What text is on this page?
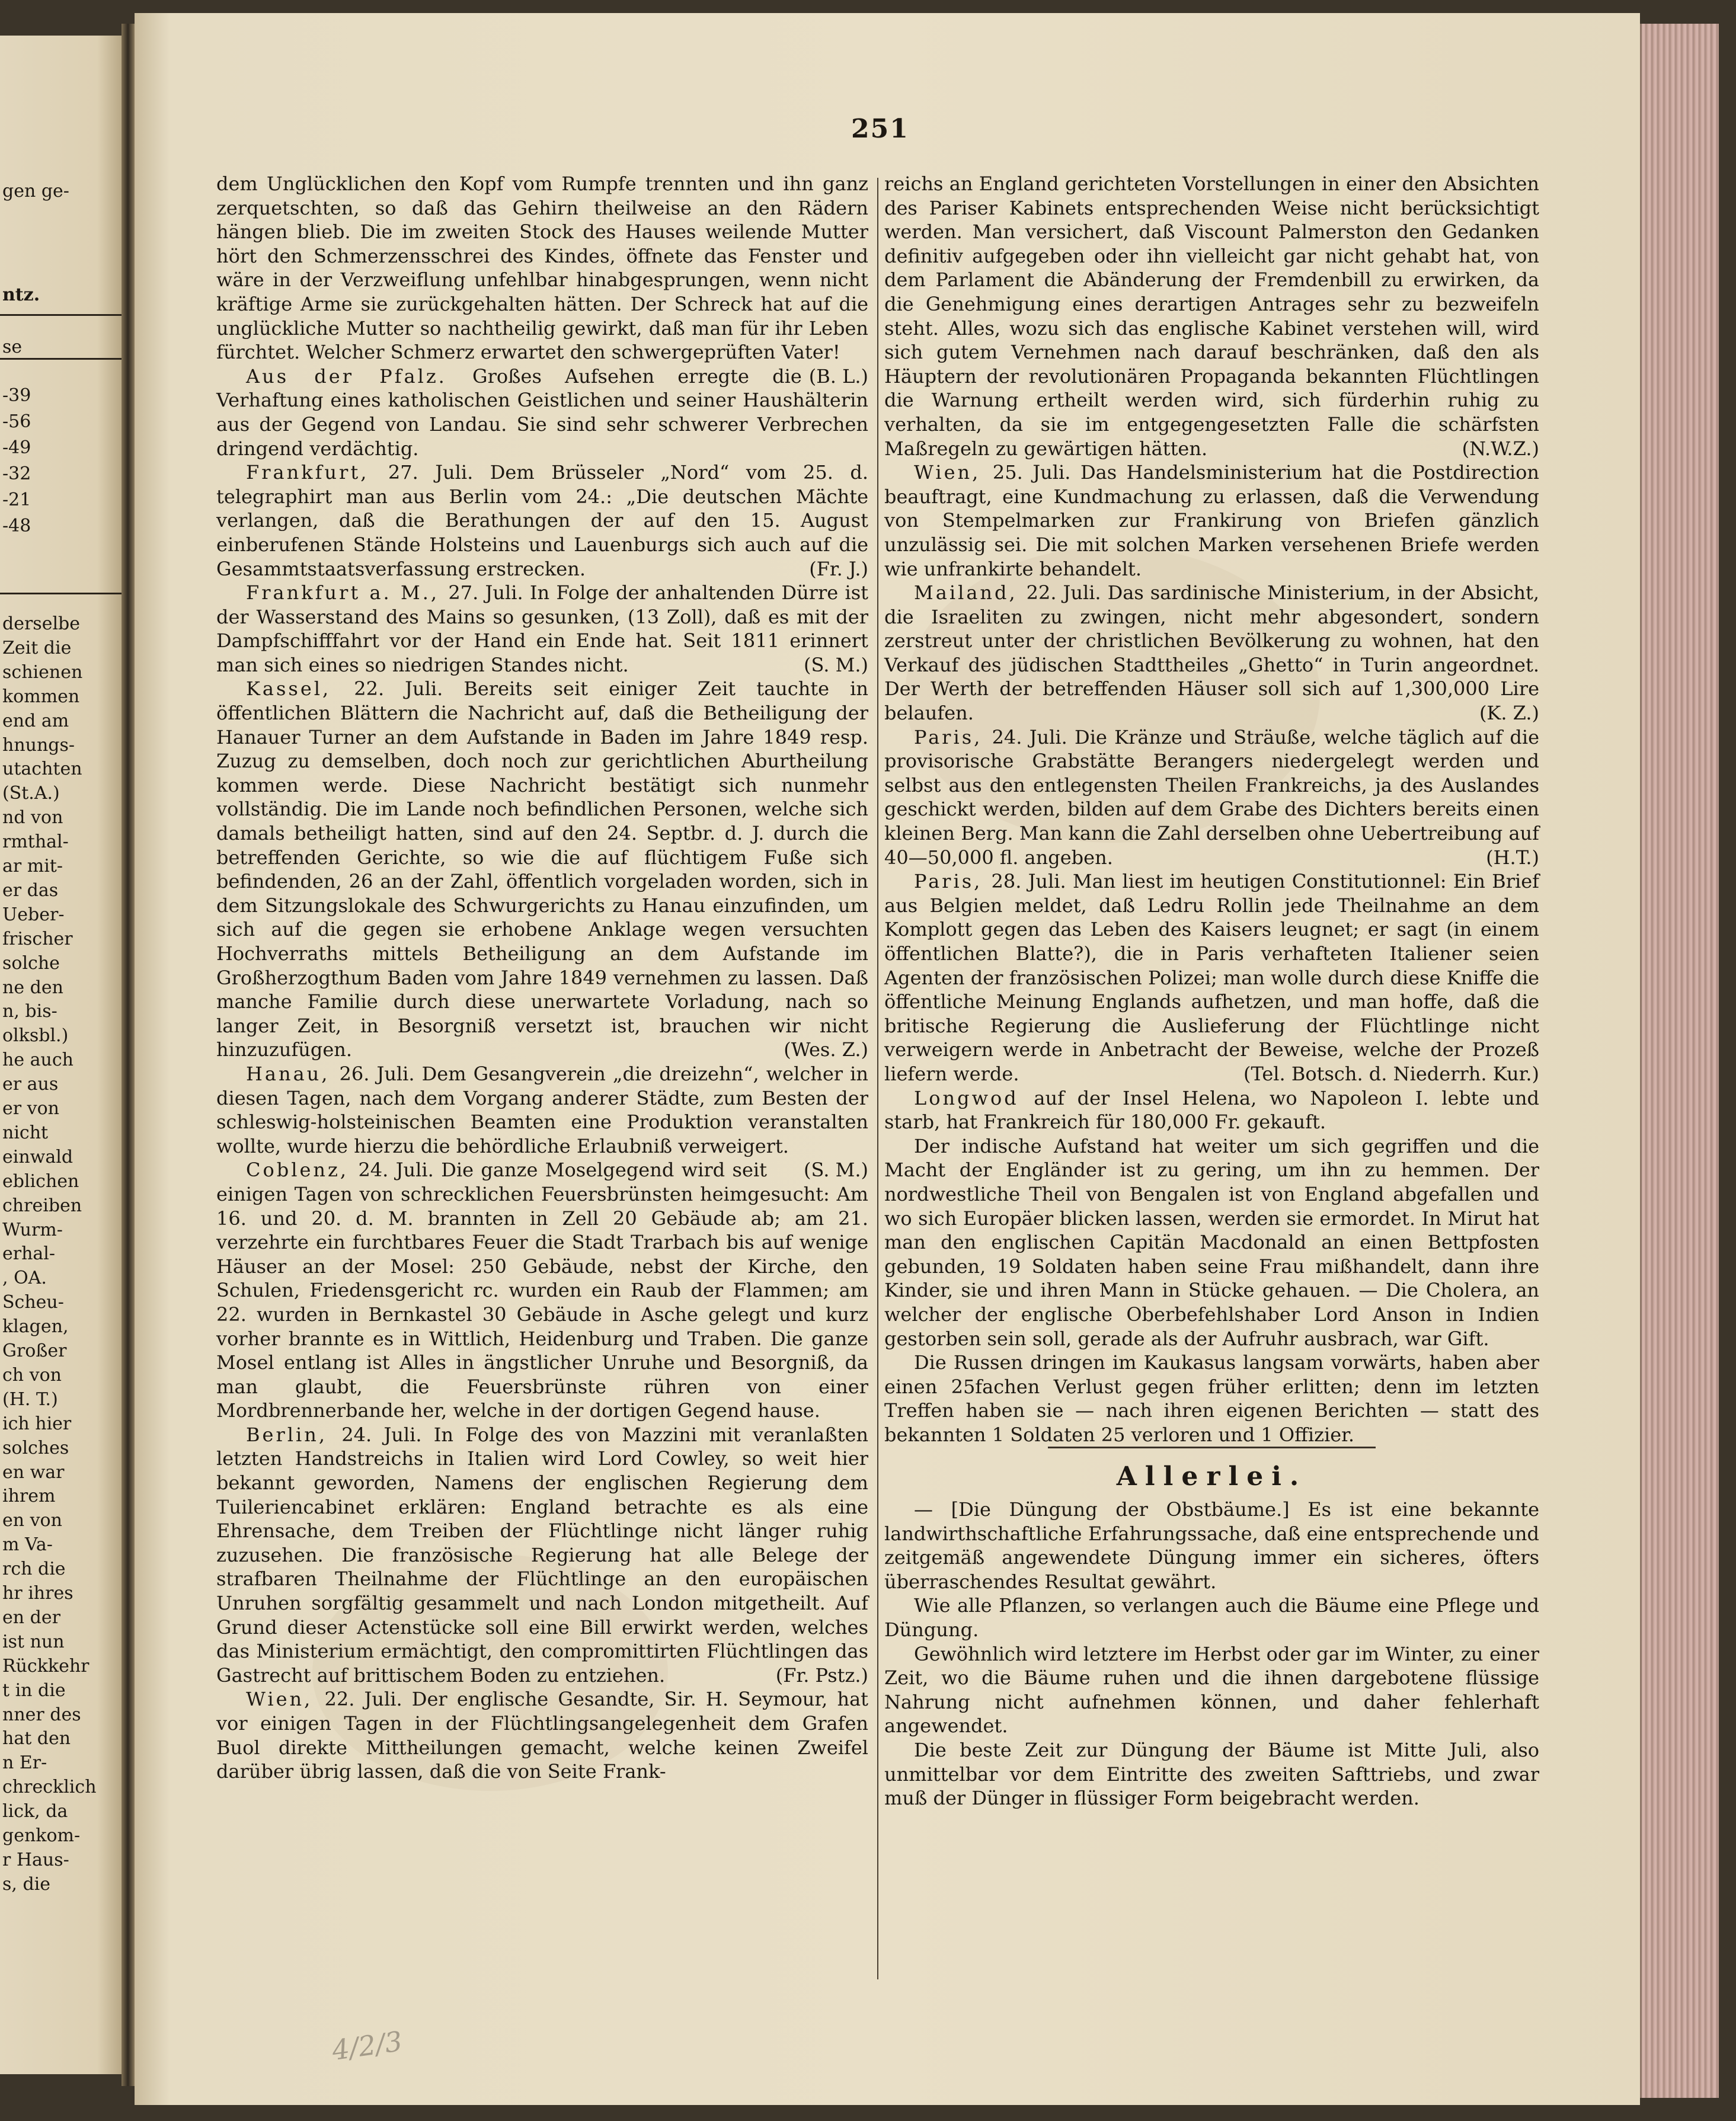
gen ge-
ntz.
se
-39
-56
-49
-32
-21
-48
derselbe
Zeit die
schienen
kommen
end am
hnungs-
utachten
(St.A.)
nd von
rmthal-
ar mit-
er das
Ueber-
frischer
solche
ne den
n, bis-
olksbl.)
he auch
er aus
er von
nicht
einwald
eblichen
chreiben
Wurm-
erhal-
, OA.
Scheu-
klagen,
Großer
ch von
(H. T.)
ich hier
solches
en war
ihrem
en von
m Va-
rch die
hr ihres
en der
ist nun
Rückkehr
t in die
nner des
hat den
n Er-
chrecklich
lick, da
genkom-
r Haus-
s, die
251

dem Unglücklichen den Kopf vom Rumpfe trennten und ihn ganz zerquetschten, so daß das Gehirn theilweise an den Rädern hängen blieb. Die im zweiten Stock des Hauses weilende Mutter hört den Schmerzensschrei des Kindes, öffnete das Fenster und wäre in der Verzweiflung unfehlbar hinabgesprungen, wenn nicht kräftige Arme sie zurückgehalten hätten. Der Schreck hat auf die unglückliche Mutter so nachtheilig gewirkt, daß man für ihr Leben fürchtet. Welcher Schmerz erwartet den schwergeprüften Vater!
(B. L.)

Aus der Pfalz. Großes Aufsehen erregte die Verhaftung eines katholischen Geistlichen und seiner Haushälterin aus der Gegend von Landau. Sie sind sehr schwerer Verbrechen dringend verdächtig.

Frankfurt, 27. Juli. Dem Brüsseler „Nord“ vom 25. d. telegraphirt man aus Berlin vom 24.: „Die deutschen Mächte verlangen, daß die Berathungen der auf den 15. August einberufenen Stände Holsteins und Lauenburgs sich auch auf die Gesammtstaatsverfassung erstrecken.	(Fr. J.)

Frankfurt a. M., 27. Juli. In Folge der anhaltenden Dürre ist der Wasserstand des Mains so gesunken, (13 Zoll), daß es mit der Dampfschifffahrt vor der Hand ein Ende hat. Seit 1811 erinnert man sich eines so niedrigen Standes nicht.	(S. M.)

Kassel, 22. Juli. Bereits seit einiger Zeit tauchte in öffentlichen Blättern die Nachricht auf, daß die Betheiligung der Hanauer Turner an dem Aufstande in Baden im Jahre 1849 resp. Zuzug zu demselben, doch noch zur gerichtlichen Aburtheilung kommen werde. Diese Nachricht bestätigt sich nunmehr vollständig. Die im Lande noch befindlichen Personen, welche sich damals betheiligt hatten, sind auf den 24. Septbr. d. J. durch die betreffenden Gerichte, so wie die auf flüchtigem Fuße sich befindenden, 26 an der Zahl, öffentlich vorgeladen worden, sich in dem Sitzungslokale des Schwurgerichts zu Hanau einzufinden, um sich auf die gegen sie erhobene Anklage wegen versuchten Hochverraths mittels Betheiligung an dem Aufstande im Großherzogthum Baden vom Jahre 1849 vernehmen zu lassen. Daß manche Familie durch diese unerwartete Vorladung, nach so langer Zeit, in Besorgniß versetzt ist, brauchen wir nicht hinzuzufügen.	(Wes. Z.)

Hanau, 26. Juli. Dem Gesangverein „die dreizehn“, welcher in diesen Tagen, nach dem Vorgang anderer Städte, zum Besten der schleswig-holsteinischen Beamten eine Produktion veranstalten wollte, wurde hierzu die behördliche Erlaubniß verweigert.
(S. M.)

Coblenz, 24. Juli. Die ganze Moselgegend wird seit einigen Tagen von schrecklichen Feuersbrünsten heimgesucht: Am 16. und 20. d. M. brannten in Zell 20 Gebäude ab; am 21. verzehrte ein furchtbares Feuer die Stadt Trarbach bis auf wenige Häuser an der Mosel: 250 Gebäude, nebst der Kirche, den Schulen, Friedensgericht rc. wurden ein Raub der Flammen; am 22. wurden in Bernkastel 30 Gebäude in Asche gelegt und kurz vorher brannte es in Wittlich, Heidenburg und Traben. Die ganze Mosel entlang ist Alles in ängstlicher Unruhe und Besorgniß, da man glaubt, die Feuersbrünste rühren von einer Mordbrennerbande her, welche in der dortigen Gegend hause.

Berlin, 24. Juli. In Folge des von Mazzini mit veranlaßten letzten Handstreichs in Italien wird Lord Cowley, so weit hier bekannt geworden, Namens der englischen Regierung dem Tuileriencabinet erklären: England betrachte es als eine Ehrensache, dem Treiben der Flüchtlinge nicht länger ruhig zuzusehen. Die französische Regierung hat alle Belege der strafbaren Theilnahme der Flüchtlinge an den europäischen Unruhen sorgfältig gesammelt und nach London mitgetheilt. Auf Grund dieser Actenstücke soll eine Bill erwirkt werden, welches das Ministerium ermächtigt, den compromittirten Flüchtlingen das Gastrecht auf brittischem Boden zu entziehen.	(Fr. Pstz.)

Wien, 22. Juli. Der englische Gesandte, Sir. H. Seymour, hat vor einigen Tagen in der Flüchtlingsangelegenheit dem Grafen Buol direkte Mittheilungen gemacht, welche keinen Zweifel darüber übrig lassen, daß die von Seite Frank-

reichs an England gerichteten Vorstellungen in einer den Absichten des Pariser Kabinets entsprechenden Weise nicht berücksichtigt werden. Man versichert, daß Viscount Palmerston den Gedanken definitiv aufgegeben oder ihn vielleicht gar nicht gehabt hat, von dem Parlament die Abänderung der Fremdenbill zu erwirken, da die Genehmigung eines derartigen Antrages sehr zu bezweifeln steht. Alles, wozu sich das englische Kabinet verstehen will, wird sich gutem Vernehmen nach darauf beschränken, daß den als Häuptern der revolutionären Propaganda bekannten Flüchtlingen die Warnung ertheilt werden wird, sich fürderhin ruhig zu verhalten, da sie im entgegengesetzten Falle die schärfsten Maßregeln zu gewärtigen hätten.	(N.W.Z.)

Wien, 25. Juli. Das Handelsministerium hat die Postdirection beauftragt, eine Kundmachung zu erlassen, daß die Verwendung von Stempelmarken zur Frankirung von Briefen gänzlich unzulässig sei. Die mit solchen Marken versehenen Briefe werden wie unfrankirte behandelt.

Mailand, 22. Juli. Das sardinische Ministerium, in der Absicht, die Israeliten zu zwingen, nicht mehr abgesondert, sondern zerstreut unter der christlichen Bevölkerung zu wohnen, hat den Verkauf des jüdischen Stadttheiles „Ghetto“ in Turin angeordnet. Der Werth der betreffenden Häuser soll sich auf 1,300,000 Lire belaufen.	(K. Z.)

Paris, 24. Juli. Die Kränze und Sträuße, welche täglich auf die provisorische Grabstätte Berangers niedergelegt werden und selbst aus den entlegensten Theilen Frankreichs, ja des Auslandes geschickt werden, bilden auf dem Grabe des Dichters bereits einen kleinen Berg. Man kann die Zahl derselben ohne Uebertreibung auf 40—50,000 fl. angeben.	(H.T.)

Paris, 28. Juli. Man liest im heutigen Constitutionnel: Ein Brief aus Belgien meldet, daß Ledru Rollin jede Theilnahme an dem Komplott gegen das Leben des Kaisers leugnet; er sagt (in einem öffentlichen Blatte?), die in Paris verhafteten Italiener seien Agenten der französischen Polizei; man wolle durch diese Kniffe die öffentliche Meinung Englands aufhetzen, und man hoffe, daß die britische Regierung die Auslieferung der Flüchtlinge nicht verweigern werde in Anbetracht der Beweise, welche der Prozeß liefern werde.	(Tel. Botsch. d. Niederrh. Kur.)

Longwod auf der Insel Helena, wo Napoleon I. lebte und starb, hat Frankreich für 180,000 Fr. gekauft.

Der indische Aufstand hat weiter um sich gegriffen und die Macht der Engländer ist zu gering, um ihn zu hemmen. Der nordwestliche Theil von Bengalen ist von England abgefallen und wo sich Europäer blicken lassen, werden sie ermordet. In Mirut hat man den englischen Capitän Macdonald an einen Bettpfosten gebunden, 19 Soldaten haben seine Frau mißhandelt, dann ihre Kinder, sie und ihren Mann in Stücke gehauen. — Die Cholera, an welcher der englische Oberbefehlshaber Lord Anson in Indien gestorben sein soll, gerade als der Aufruhr ausbrach, war Gift.

Die Russen dringen im Kaukasus langsam vorwärts, haben aber einen 25fachen Verlust gegen früher erlitten; denn im letzten Treffen haben sie — nach ihren eigenen Berichten — statt des bekannten 1 Soldaten 25 verloren und 1 Offizier.

Allerlei.

— [Die Düngung der Obstbäume.] Es ist eine bekannte landwirthschaftliche Erfahrungssache, daß eine entsprechende und zeitgemäß angewendete Düngung immer ein sicheres, öfters überraschendes Resultat gewährt.

Wie alle Pflanzen, so verlangen auch die Bäume eine Pflege und Düngung.

Gewöhnlich wird letztere im Herbst oder gar im Winter, zu einer Zeit, wo die Bäume ruhen und die ihnen dargebotene flüssige Nahrung nicht aufnehmen können, und daher fehlerhaft angewendet.

Die beste Zeit zur Düngung der Bäume ist Mitte Juli, also unmittelbar vor dem Eintritte des zweiten Safttriebs, und zwar muß der Dünger in flüssiger Form beigebracht werden.

4/2/3
